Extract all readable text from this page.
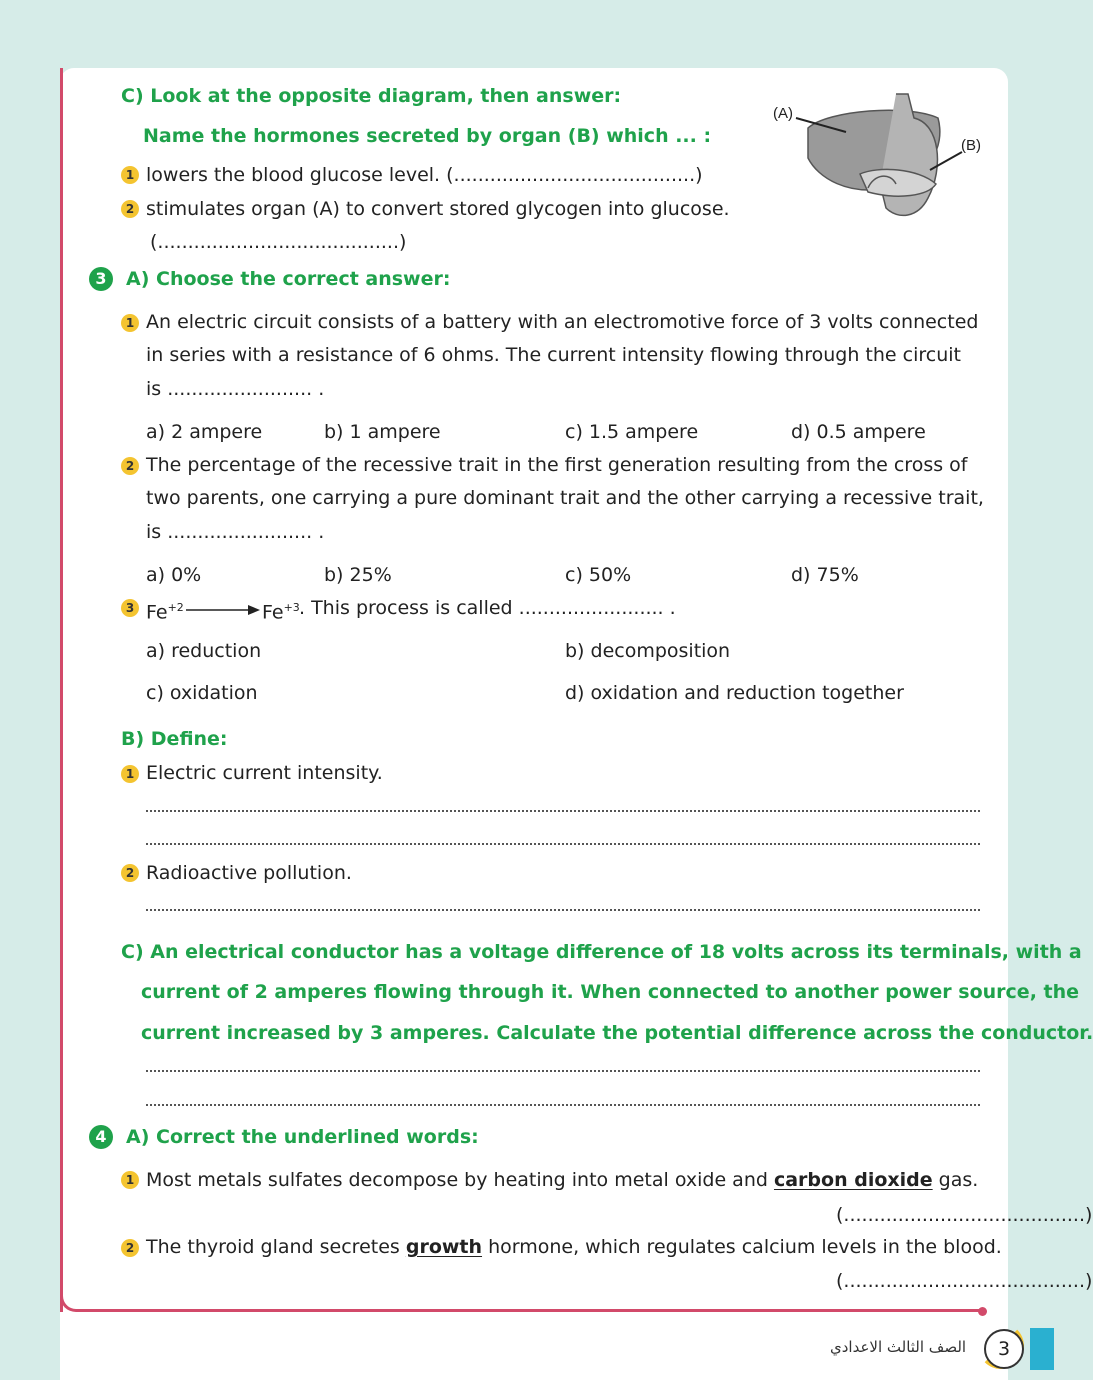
C) Look at the opposite diagram, then answer:
Name the hormones secreted by organ (B) which ... :
1 lowers the blood glucose level. (........................................)
2 stimulates organ (A) to convert stored glycogen into glucose.
(........................................)
(A)
(B)
3	A) Choose the correct answer:
1 An electric circuit consists of a battery with an electromotive force of 3 volts connected
in series with a resistance of 6 ohms. The current intensity flowing through the circuit
is ........................ .
a) 2 ampere	b) 1 ampere	c) 1.5 ampere	d) 0.5 ampere
2 The percentage of the recessive trait in the first generation resulting from the cross of
two parents, one carrying a pure dominant trait and the other carrying a recessive trait,
is ........................ .
a) 0%	b) 25%	c) 50%	d) 75%
3 $Fe^{+2}$	$Fe^{+3}$ . This process is called ........................ .
a) reduction	b) decomposition
c) oxidation	d) oxidation and reduction together
B) Define:
1 Electric current intensity.
2 Radioactive pollution.
C) An electrical conductor has a voltage difference of 18 volts across its terminals, with a
current of 2 amperes flowing through it. When connected to another power source, the
current increased by 3 amperes. Calculate the potential difference across the conductor.
4	A) Correct the underlined words:
1 Most metals sulfates decompose by heating into metal oxide and carbon dioxide gas.
(........................................)
2 The thyroid gland secretes growth hormone, which regulates calcium levels in the blood.
(........................................)
الصف الثالث الاعدادي	3
